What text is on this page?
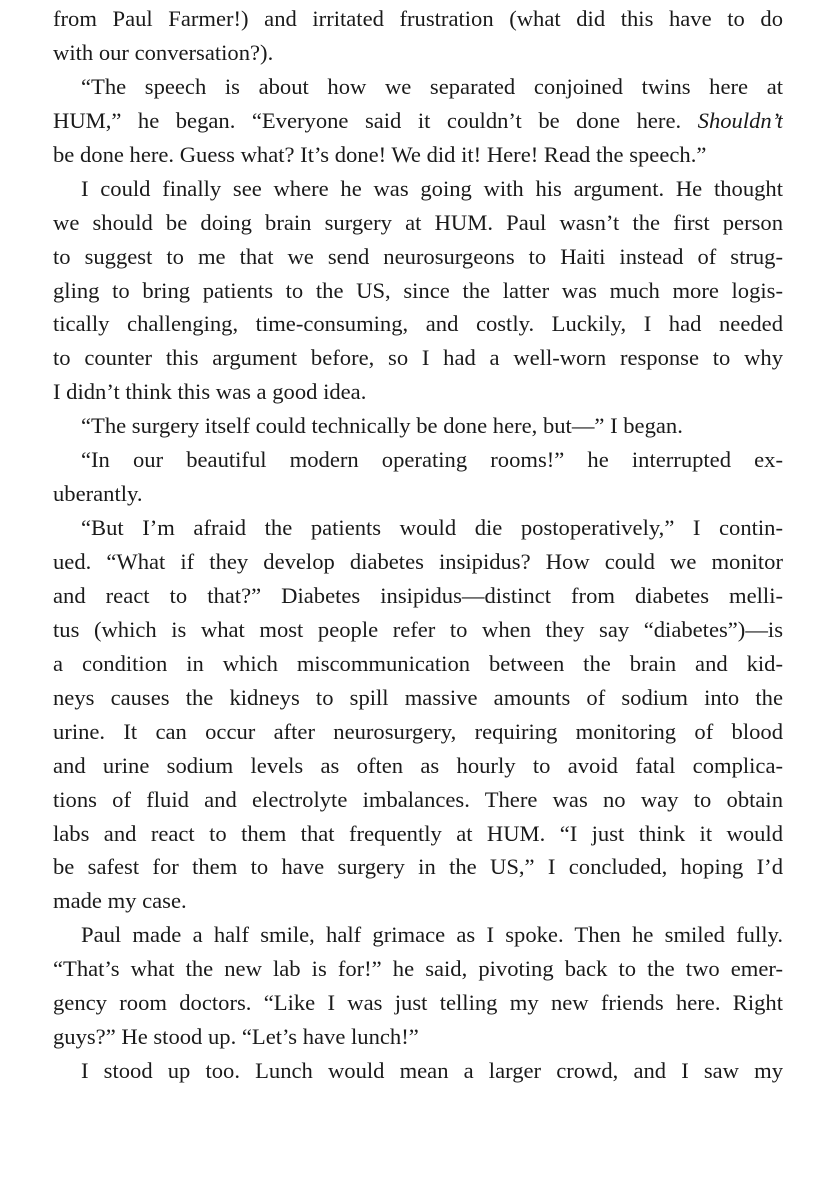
from Paul Farmer!) and irritated frustration (what did this have to do
with our conversation?).
“The speech is about how we separated conjoined twins here at
HUM,” he began. “Everyone said it couldn’t be done here. Shouldn’t
be done here. Guess what? It’s done! We did it! Here! Read the speech.”
I could finally see where he was going with his argument. He thought
we should be doing brain surgery at HUM. Paul wasn’t the first person
to suggest to me that we send neurosurgeons to Haiti instead of strug-
gling to bring patients to the US, since the latter was much more logis-
tically challenging, time-consuming, and costly. Luckily, I had needed
to counter this argument before, so I had a well-worn response to why
I didn’t think this was a good idea.
“The surgery itself could technically be done here, but—” I began.
“In our beautiful modern operating rooms!” he interrupted ex-
uberantly.
“But I’m afraid the patients would die postoperatively,” I contin-
ued. “What if they develop diabetes insipidus? How could we monitor
and react to that?” Diabetes insipidus—distinct from diabetes melli-
tus (which is what most people refer to when they say “diabetes”)—is
a condition in which miscommunication between the brain and kid-
neys causes the kidneys to spill massive amounts of sodium into the
urine. It can occur after neurosurgery, requiring monitoring of blood
and urine sodium levels as often as hourly to avoid fatal complica-
tions of fluid and electrolyte imbalances. There was no way to obtain
labs and react to them that frequently at HUM. “I just think it would
be safest for them to have surgery in the US,” I concluded, hoping I’d
made my case.
Paul made a half smile, half grimace as I spoke. Then he smiled fully.
“That’s what the new lab is for!” he said, pivoting back to the two emer-
gency room doctors. “Like I was just telling my new friends here. Right
guys?” He stood up. “Let’s have lunch!”
I stood up too. Lunch would mean a larger crowd, and I saw my
